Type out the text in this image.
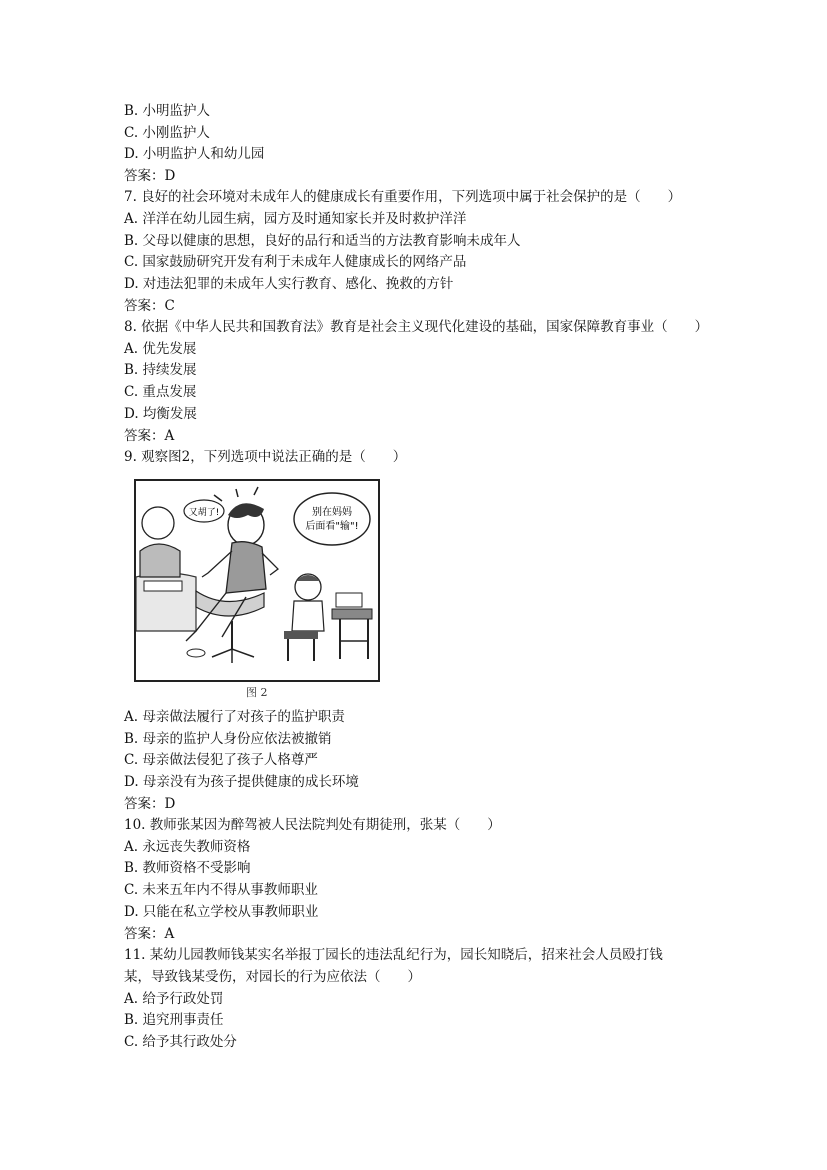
B. 小明监护人
C. 小刚监护人
D. 小明监护人和幼儿园
答案：D
7. 良好的社会环境对未成年人的健康成长有重要作用，下列选项中属于社会保护的是（　　）
A. 洋洋在幼儿园生病，园方及时通知家长并及时救护洋洋
B. 父母以健康的思想，良好的品行和适当的方法教育影响未成年人
C. 国家鼓励研究开发有利于未成年人健康成长的网络产品
D. 对违法犯罪的未成年人实行教育、感化、挽救的方针
答案：C
8. 依据《中华人民共和国教育法》教育是社会主义现代化建设的基础，国家保障教育事业（　　）
A. 优先发展
B. 持续发展
C. 重点发展
D. 均衡发展
答案：A
9. 观察图2，下列选项中说法正确的是（　　）
又胡了!	别在妈妈
后面看"输"!
图 2
A. 母亲做法履行了对孩子的监护职责
B. 母亲的监护人身份应依法被撤销
C. 母亲做法侵犯了孩子人格尊严
D. 母亲没有为孩子提供健康的成长环境
答案：D
10. 教师张某因为醉驾被人民法院判处有期徒刑，张某（　　）
A. 永远丧失教师资格
B. 教师资格不受影响
C. 未来五年内不得从事教师职业
D. 只能在私立学校从事教师职业
答案：A
11. 某幼儿园教师钱某实名举报丁园长的违法乱纪行为，园长知晓后，招来社会人员殴打钱
某，导致钱某受伤，对园长的行为应依法（　　）
A. 给予行政处罚
B. 追究刑事责任
C. 给予其行政处分
